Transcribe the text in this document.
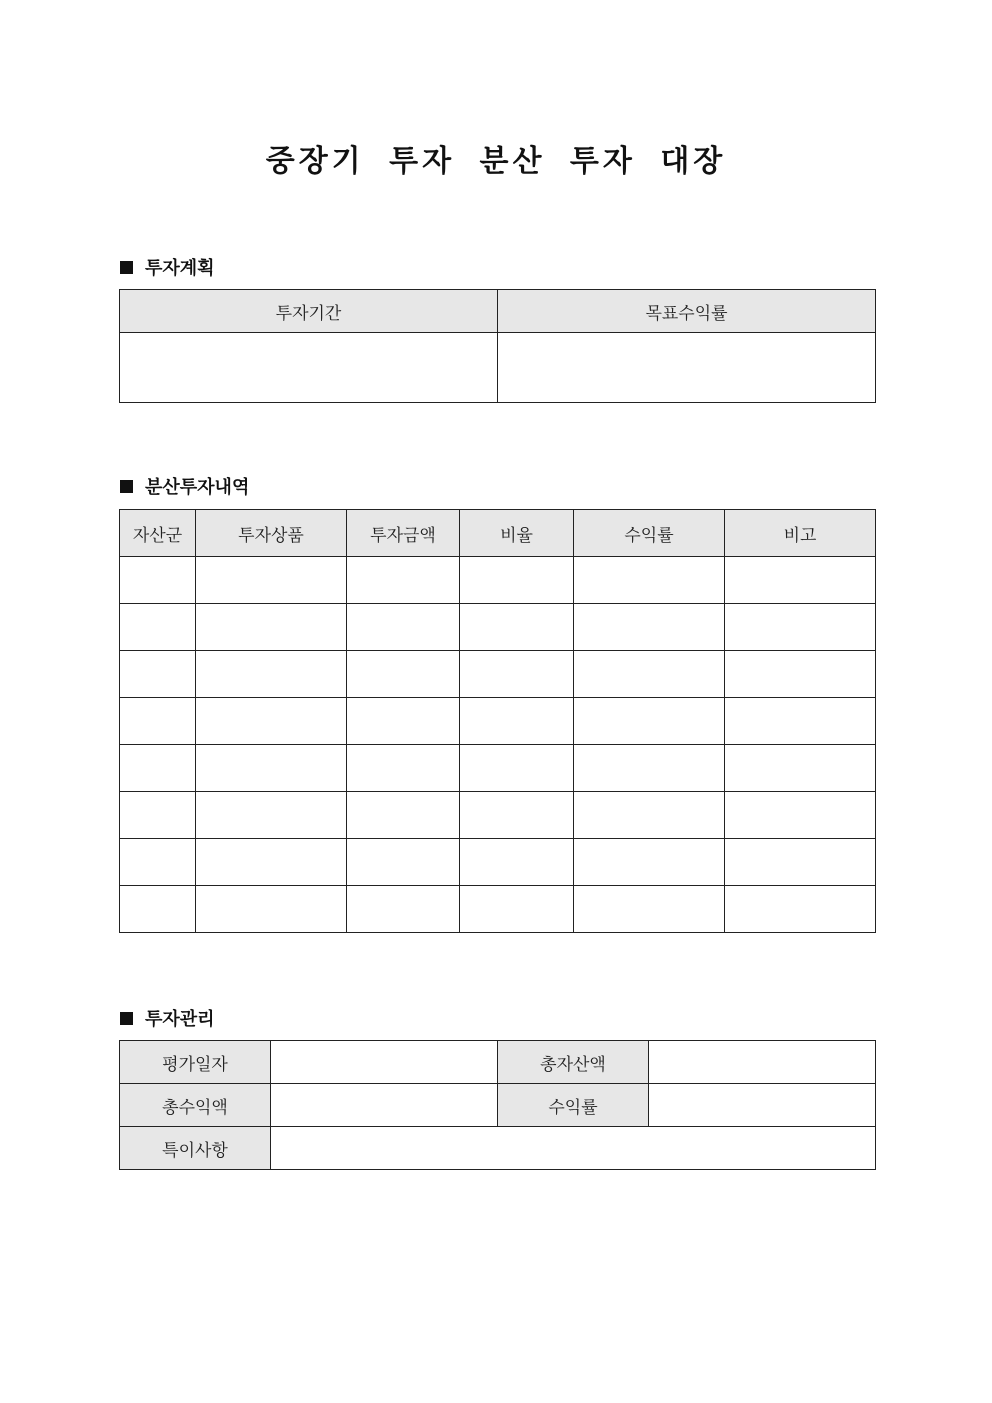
중장기 투자 분산 투자 대장
투자계획
투자기간	목표수익률

분산투자내역
자산군	투자상품	투자금액	비율	수익률	비고

투자관리
평가일자		총자산액	
총수익액		수익률	
특이사항			
